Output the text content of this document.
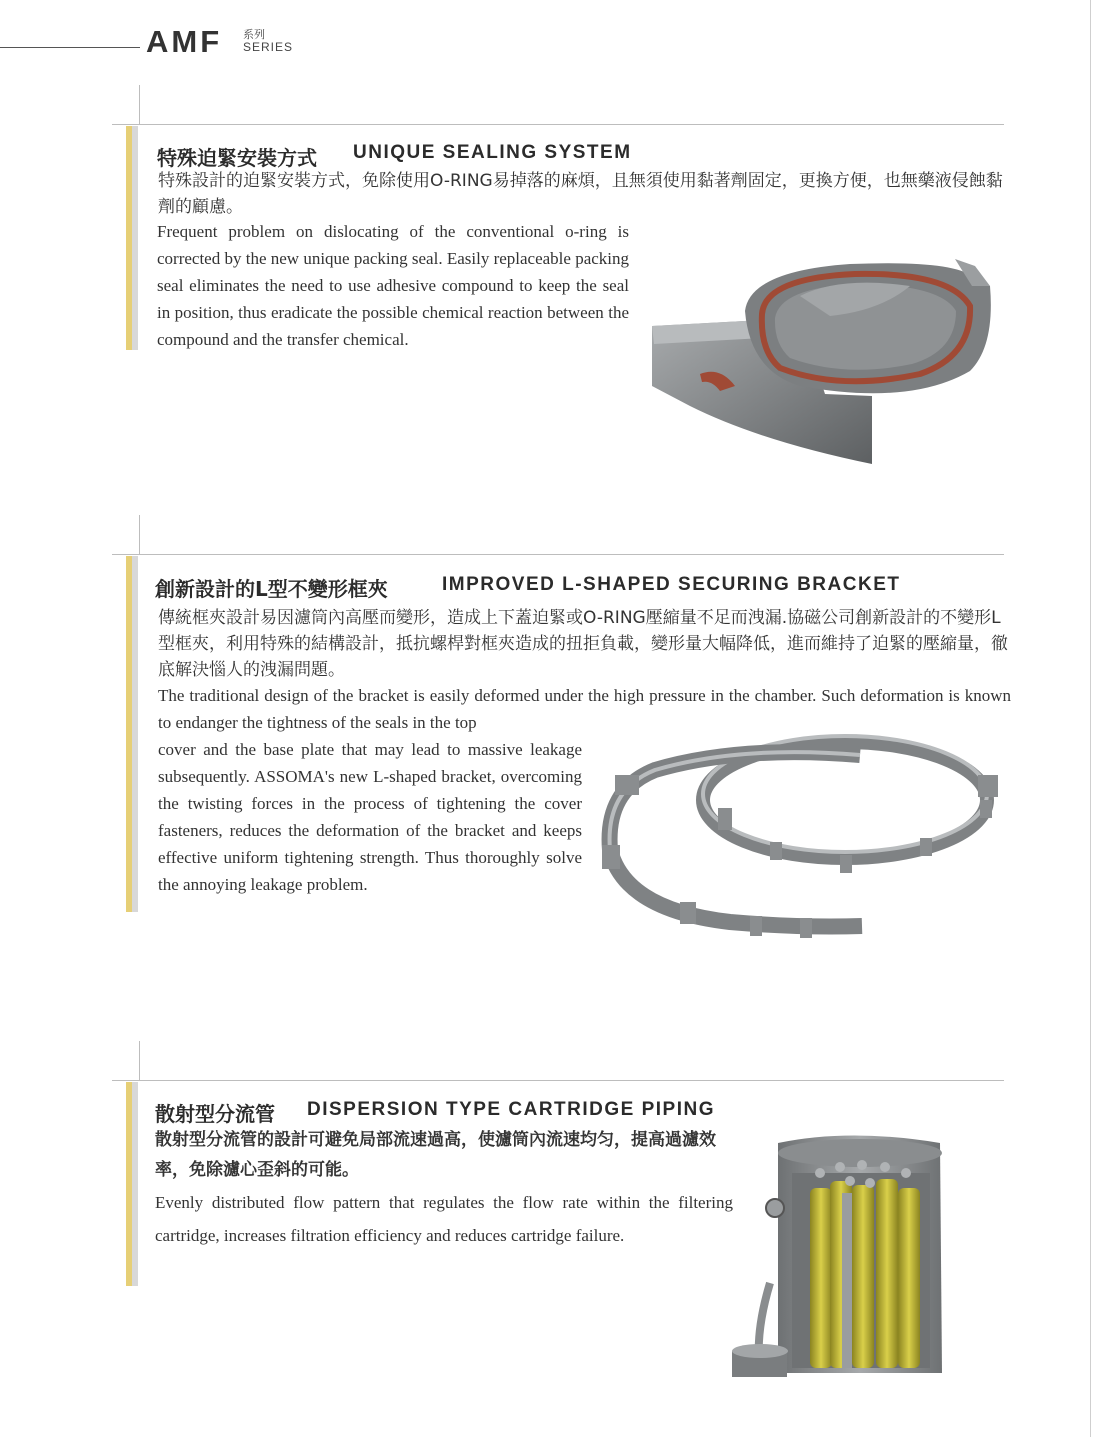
AMF 系列
SERIES
特殊迫緊安裝方式 UNIQUE SEALING SYSTEM
特殊設計的迫緊安裝方式，免除使用O-RING易掉落的麻煩，且無須使用黏著劑固定，更換方便，也無藥液侵蝕黏劑的顧慮。
Frequent problem on dislocating of the conventional o-ring is corrected by the new unique packing seal. Easily replaceable packing seal eliminates the need to use adhesive compound to keep the seal in position, thus eradicate the possible chemical reaction between the compound and the transfer chemical.
創新設計的L型不變形框夾	IMPROVED L-SHAPED SECURING BRACKET
傳統框夾設計易因濾筒內高壓而變形，造成上下蓋迫緊或O-RING壓縮量不足而洩漏.協磁公司創新設計的不變形L型框夾，利用特殊的結構設計，抵抗螺桿對框夾造成的扭拒負載，變形量大幅降低，進而維持了迫緊的壓縮量，徹底解決惱人的洩漏問題。
The traditional design of the bracket is easily deformed under the high pressure in the chamber. Such deformation is known to endanger the tightness of the seals in the top
cover and the base plate that may lead to massive leakage subsequently. ASSOMA's new L-shaped bracket, overcoming the twisting forces in the process of tightening the cover fasteners, reduces the deformation of the bracket and keeps effective uniform tightening strength. Thus thoroughly solve the annoying leakage problem.
散射型分流管 DISPERSION TYPE CARTRIDGE PIPING
散射型分流管的設計可避免局部流速過高，使濾筒內流速均匀，提高過濾效率，免除濾心歪斜的可能。
Evenly distributed flow pattern that regulates the flow rate within the filtering cartridge, increases filtration efficiency and reduces cartridge failure.
